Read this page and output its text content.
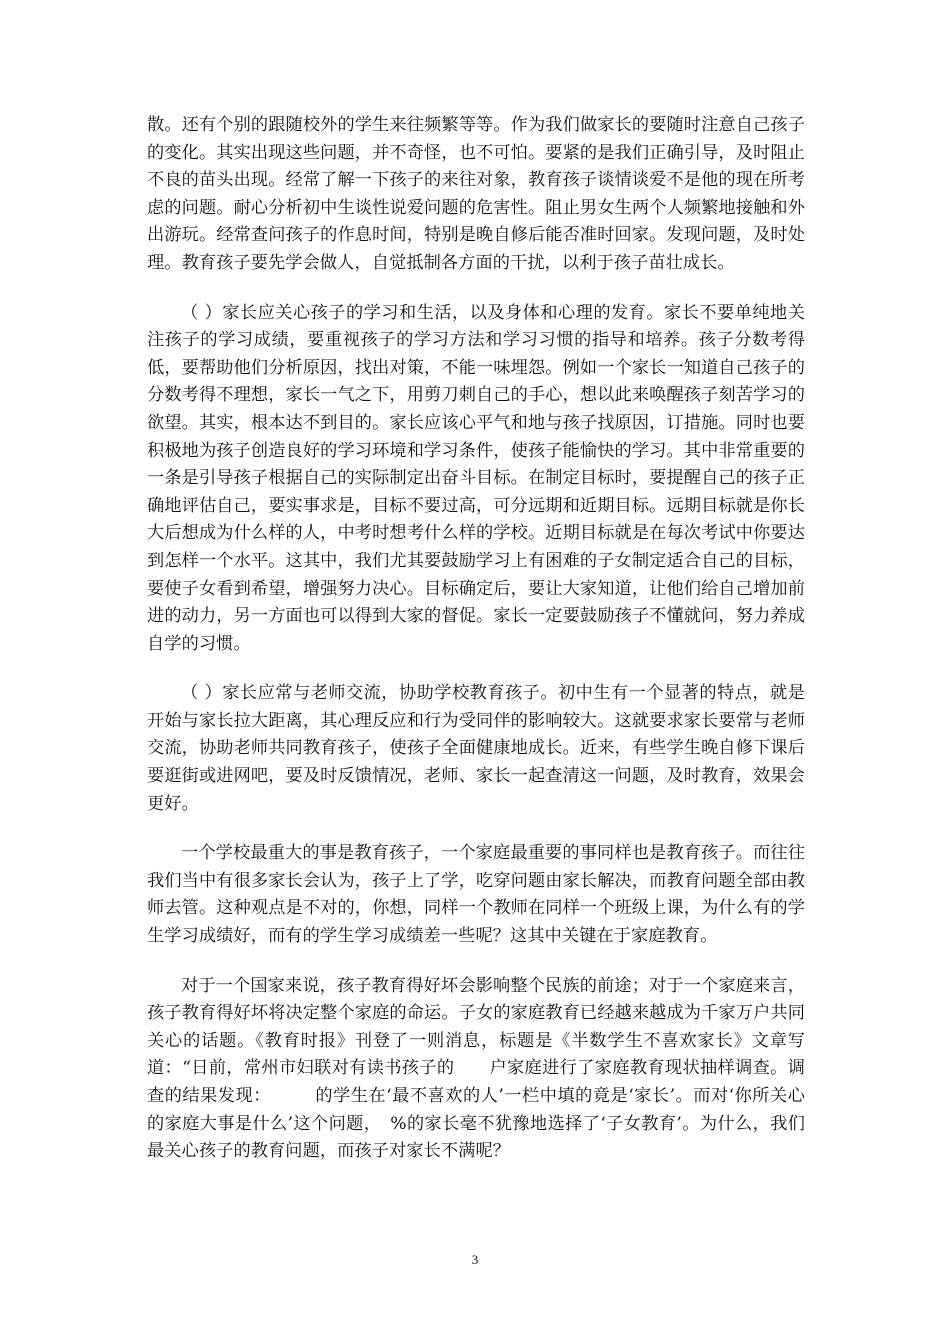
散。还有个别的跟随校外的学生来往频繁等等。作为我们做家长的要随时注意自己孩子的变化。其实出现这些问题，并不奇怪，也不可怕。要紧的是我们正确引导，及时阻止不良的苗头出现。经常了解一下孩子的来往对象，教育孩子谈情谈爱不是他的现在所考虑的问题。耐心分析初中生谈性说爱问题的危害性。阻止男女生两个人频繁地接触和外出游玩。经常查问孩子的作息时间，特别是晚自修后能否准时回家。发现问题，及时处理。教育孩子要先学会做人，自觉抵制各方面的干扰，以利于孩子苗壮成长。

（ ）家长应关心孩子的学习和生活，以及身体和心理的发育。家长不要单纯地关注孩子的学习成绩，要重视孩子的学习方法和学习习惯的指导和培养。孩子分数考得低，要帮助他们分析原因，找出对策，不能一味埋怨。例如一个家长一知道自己孩子的分数考得不理想，家长一气之下，用剪刀刺自己的手心，想以此来唤醒孩子刻苦学习的欲望。其实，根本达不到目的。家长应该心平气和地与孩子找原因，订措施。同时也要积极地为孩子创造良好的学习环境和学习条件，使孩子能愉快的学习。其中非常重要的一条是引导孩子根据自己的实际制定出奋斗目标。在制定目标时，要提醒自己的孩子正确地评估自己，要实事求是，目标不要过高，可分远期和近期目标。远期目标就是你长大后想成为什么样的人，中考时想考什么样的学校。近期目标就是在每次考试中你要达到怎样一个水平。这其中，我们尤其要鼓励学习上有困难的子女制定适合自己的目标，要使子女看到希望，增强努力决心。目标确定后，要让大家知道，让他们给自己增加前进的动力，另一方面也可以得到大家的督促。家长一定要鼓励孩子不懂就问，努力养成自学的习惯。

（ ）家长应常与老师交流，协助学校教育孩子。初中生有一个显著的特点，就是开始与家长拉大距离，其心理反应和行为受同伴的影响较大。这就要求家长要常与老师交流，协助老师共同教育孩子，使孩子全面健康地成长。近来，有些学生晚自修下课后要逛街或进网吧，要及时反馈情况，老师、家长一起查清这一问题，及时教育，效果会更好。

一个学校最重大的事是教育孩子，一个家庭最重要的事同样也是教育孩子。而往往我们当中有很多家长会认为，孩子上了学，吃穿问题由家长解决，而教育问题全部由教师去管。这种观点是不对的，你想，同样一个教师在同样一个班级上课，为什么有的学生学习成绩好，而有的学生学习成绩差一些呢？这其中关键在于家庭教育。

对于一个国家来说，孩子教育得好坏会影响整个民族的前途；对于一个家庭来言，孩子教育得好坏将决定整个家庭的命运。子女的家庭教育已经越来越成为千家万户共同关心的话题。《教育时报》刊登了一则消息，标题是《半数学生不喜欢家长》文章写道：“日前，常州市妇联对有读书孩子的　　户家庭进行了家庭教育现状抽样调查。调查的结果发现：　　　的学生在‘最不喜欢的人’一栏中填的竟是‘家长’。而对‘你所关心的家庭大事是什么’这个问题，　%的家长毫不犹豫地选择了‘子女教育’。为什么，我们最关心孩子的教育问题，而孩子对家长不满呢？

3
